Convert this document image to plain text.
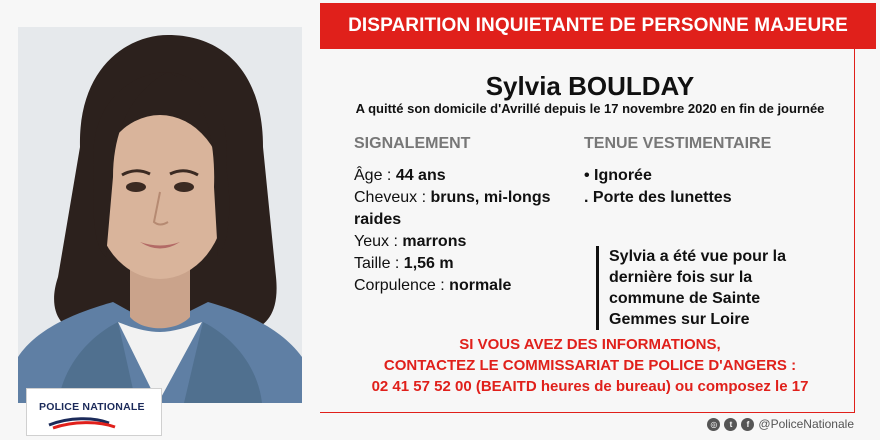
POLICE NATIONALE
DISPARITION INQUIETANTE DE PERSONNE MAJEURE
Sylvia BOULDAY
A quitté son domicile d'Avrillé depuis le 17 novembre 2020 en fin de journée
SIGNALEMENT	TENUE VESTIMENTAIRE
Âge : 44 ans
Cheveux : bruns, mi-longs raides
Yeux : marrons
Taille : 1,56 m
Corpulence : normale
• Ignorée
. Porte des lunettes
Sylvia a été vue pour la dernière fois sur la commune de Sainte Gemmes sur Loire
SI VOUS AVEZ DES INFORMATIONS,
CONTACTEZ LE COMMISSARIAT DE POLICE D'ANGERS :
02 41 57 52 00 (BEAITD heures de bureau) ou composez le 17
◎	t	f @PoliceNationale
